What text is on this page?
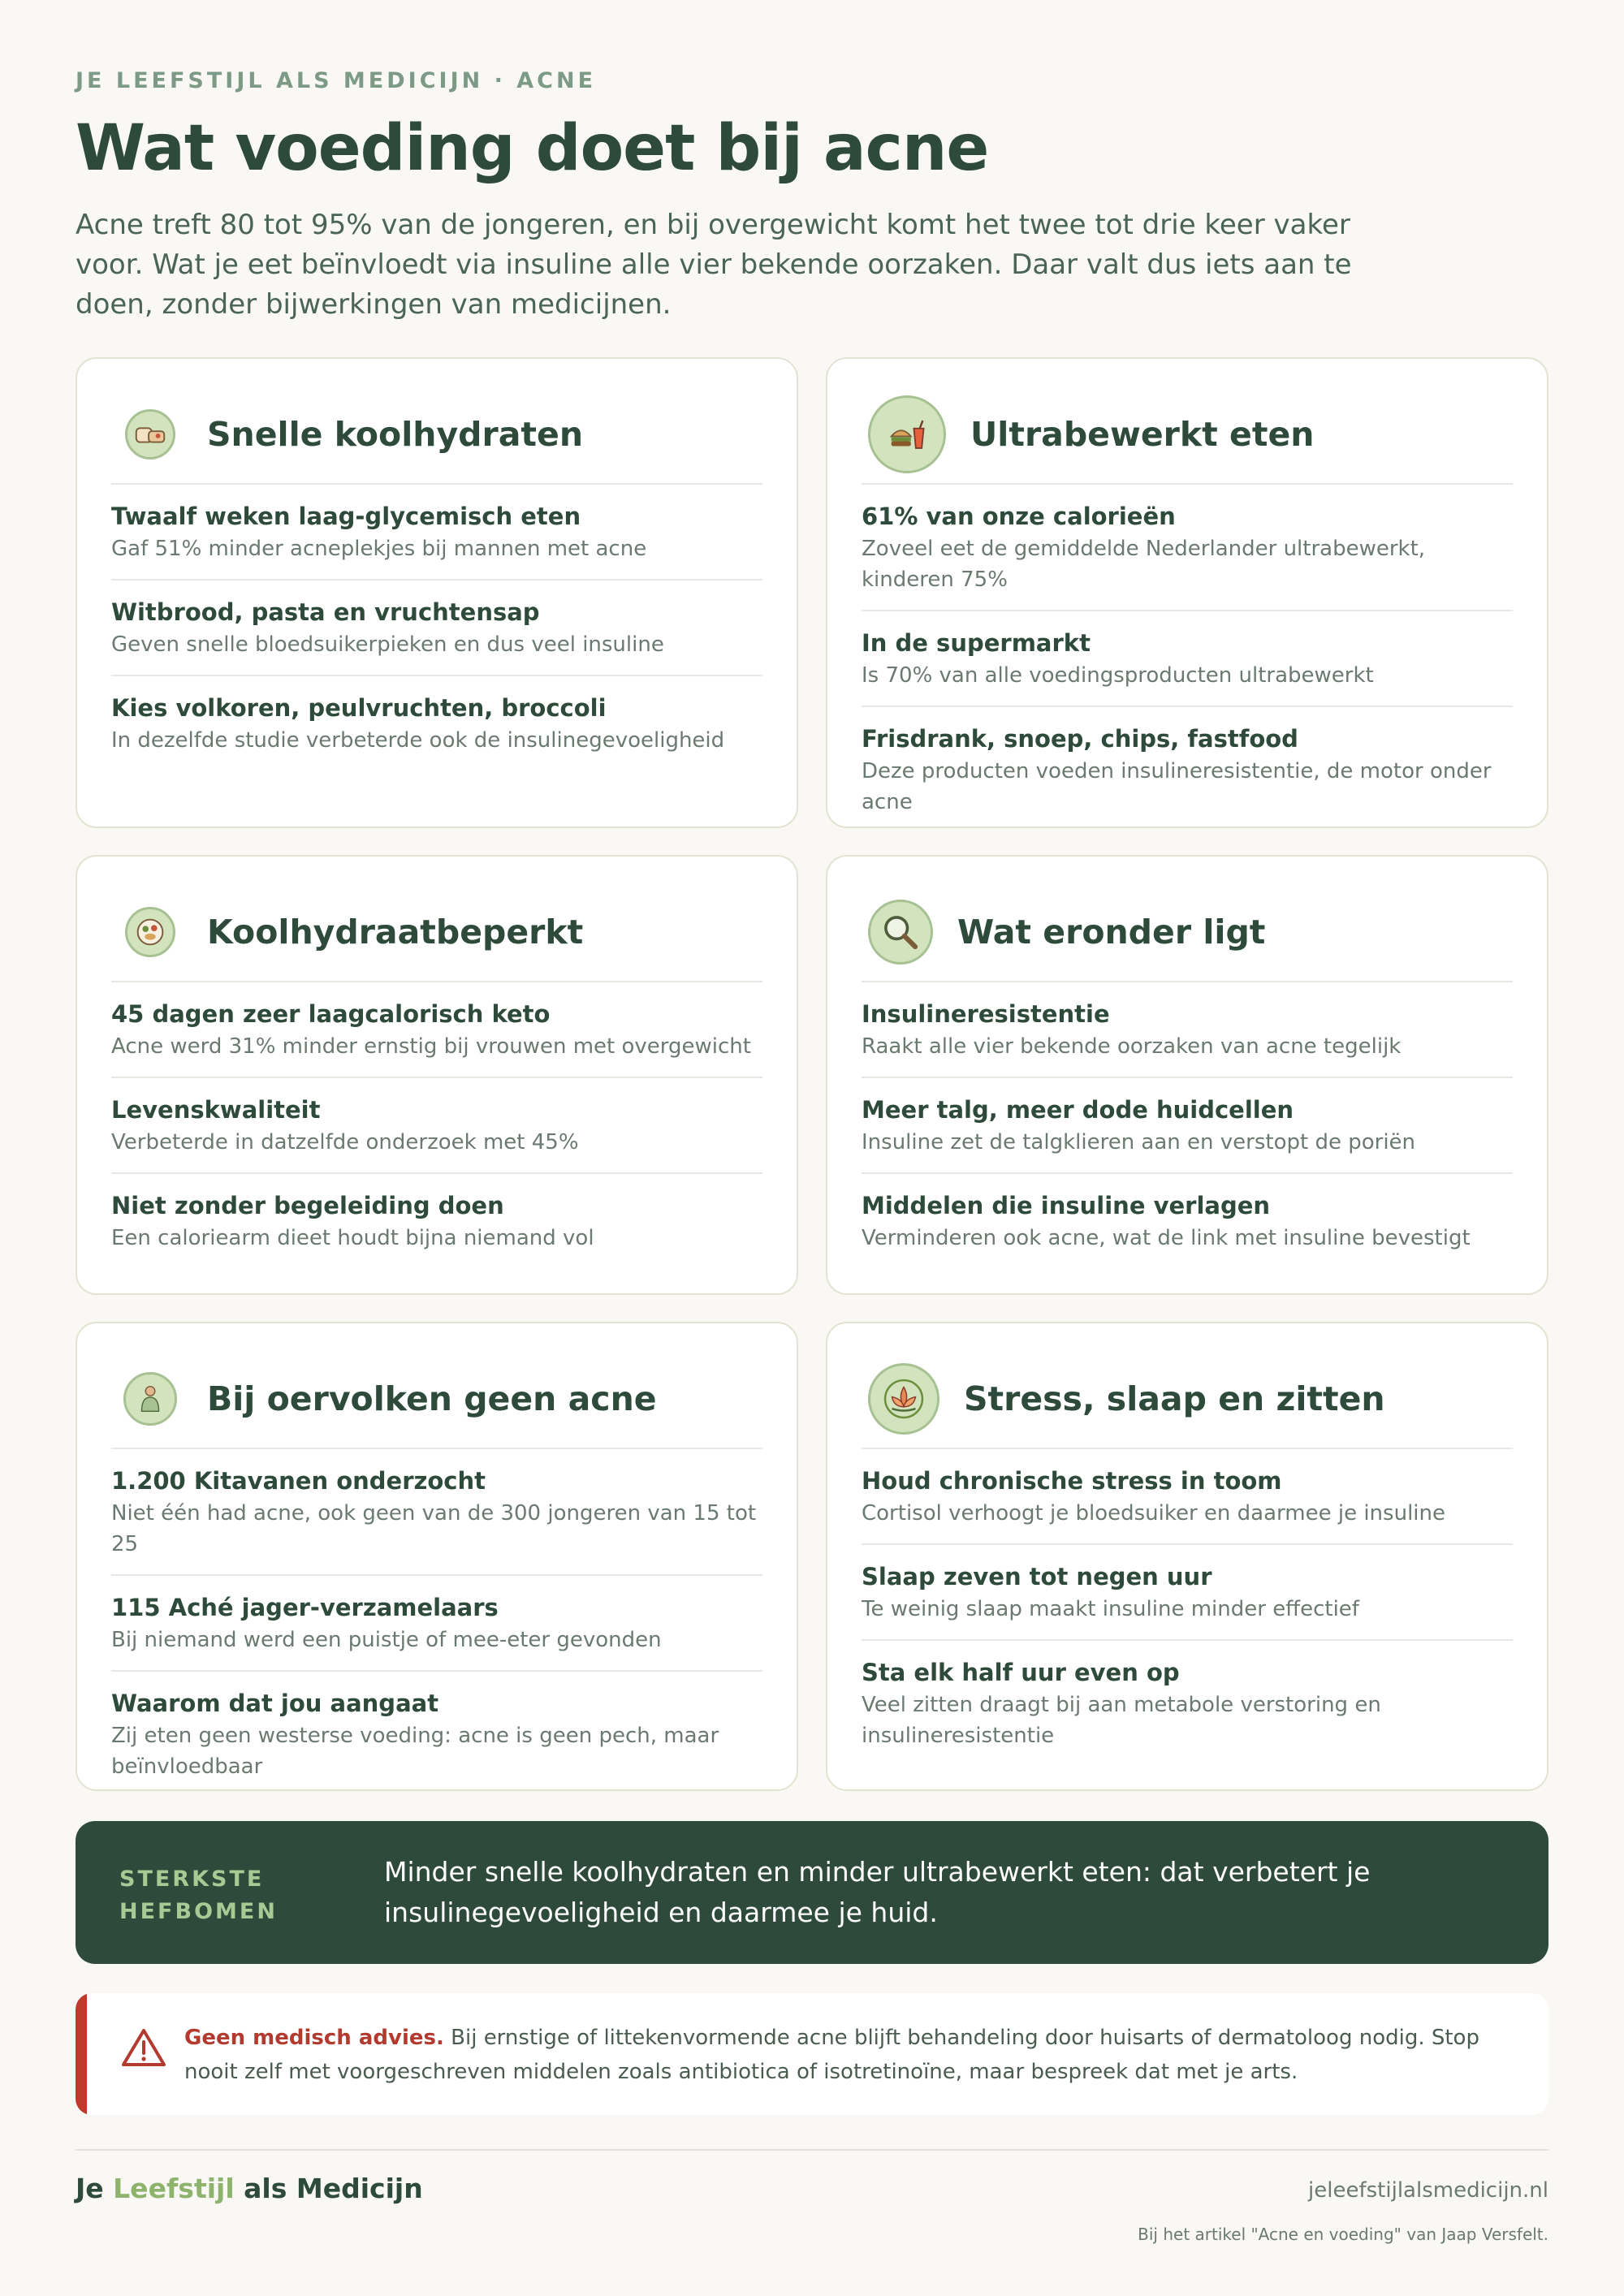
JE LEEFSTIJL ALS MEDICIJN · ACNE
Wat voeding doet bij acne

Acne treft 80 tot 95% van de jongeren, en bij overgewicht komt het twee tot drie keer vaker voor. Wat je eet beïnvloedt via insuline alle vier bekende oorzaken. Daar valt dus iets aan te doen, zonder bijwerkingen van medicijnen.

Snelle koolhydraten
Twaalf weken laag-glycemisch eten
Gaf 51% minder acneplekjes bij mannen met acne
Witbrood, pasta en vruchtensap
Geven snelle bloedsuikerpieken en dus veel insuline
Kies volkoren, peulvruchten, broccoli
In dezelfde studie verbeterde ook de insulinegevoeligheid
Ultrabewerkt eten
61% van onze calorieën
Zoveel eet de gemiddelde Nederlander ultrabewerkt, kinderen 75%
In de supermarkt
Is 70% van alle voedingsproducten ultrabewerkt
Frisdrank, snoep, chips, fastfood
Deze producten voeden insulineresistentie, de motor onder acne
Koolhydraatbeperkt
45 dagen zeer laagcalorisch keto
Acne werd 31% minder ernstig bij vrouwen met overgewicht
Levenskwaliteit
Verbeterde in datzelfde onderzoek met 45%
Niet zonder begeleiding doen
Een caloriearm dieet houdt bijna niemand vol
Wat eronder ligt
Insulineresistentie
Raakt alle vier bekende oorzaken van acne tegelijk
Meer talg, meer dode huidcellen
Insuline zet de talgklieren aan en verstopt de poriën
Middelen die insuline verlagen
Verminderen ook acne, wat de link met insuline bevestigt
Bij oervolken geen acne
1.200 Kitavanen onderzocht
Niet één had acne, ook geen van de 300 jongeren van 15 tot 25
115 Aché jager-verzamelaars
Bij niemand werd een puistje of mee-eter gevonden
Waarom dat jou aangaat
Zij eten geen westerse voeding: acne is geen pech, maar beïnvloedbaar
Stress, slaap en zitten
Houd chronische stress in toom
Cortisol verhoogt je bloedsuiker en daarmee je insuline
Slaap zeven tot negen uur
Te weinig slaap maakt insuline minder effectief
Sta elk half uur even op
Veel zitten draagt bij aan metabole verstoring en insulineresistentie
STERKSTE HEFBOMEN
Minder snelle koolhydraten en minder ultrabewerkt eten: dat verbetert je insulinegevoeligheid en daarmee je huid.
Geen medisch advies. Bij ernstige of littekenvormende acne blijft behandeling door huisarts of dermatoloog nodig. Stop nooit zelf met voorgeschreven middelen zoals antibiotica of isotretinoïne, maar bespreek dat met je arts.
Je Leefstijl als Medicijn	jeleefstijlalsmedicijn.nl
Bij het artikel "Acne en voeding" van Jaap Versfelt.
